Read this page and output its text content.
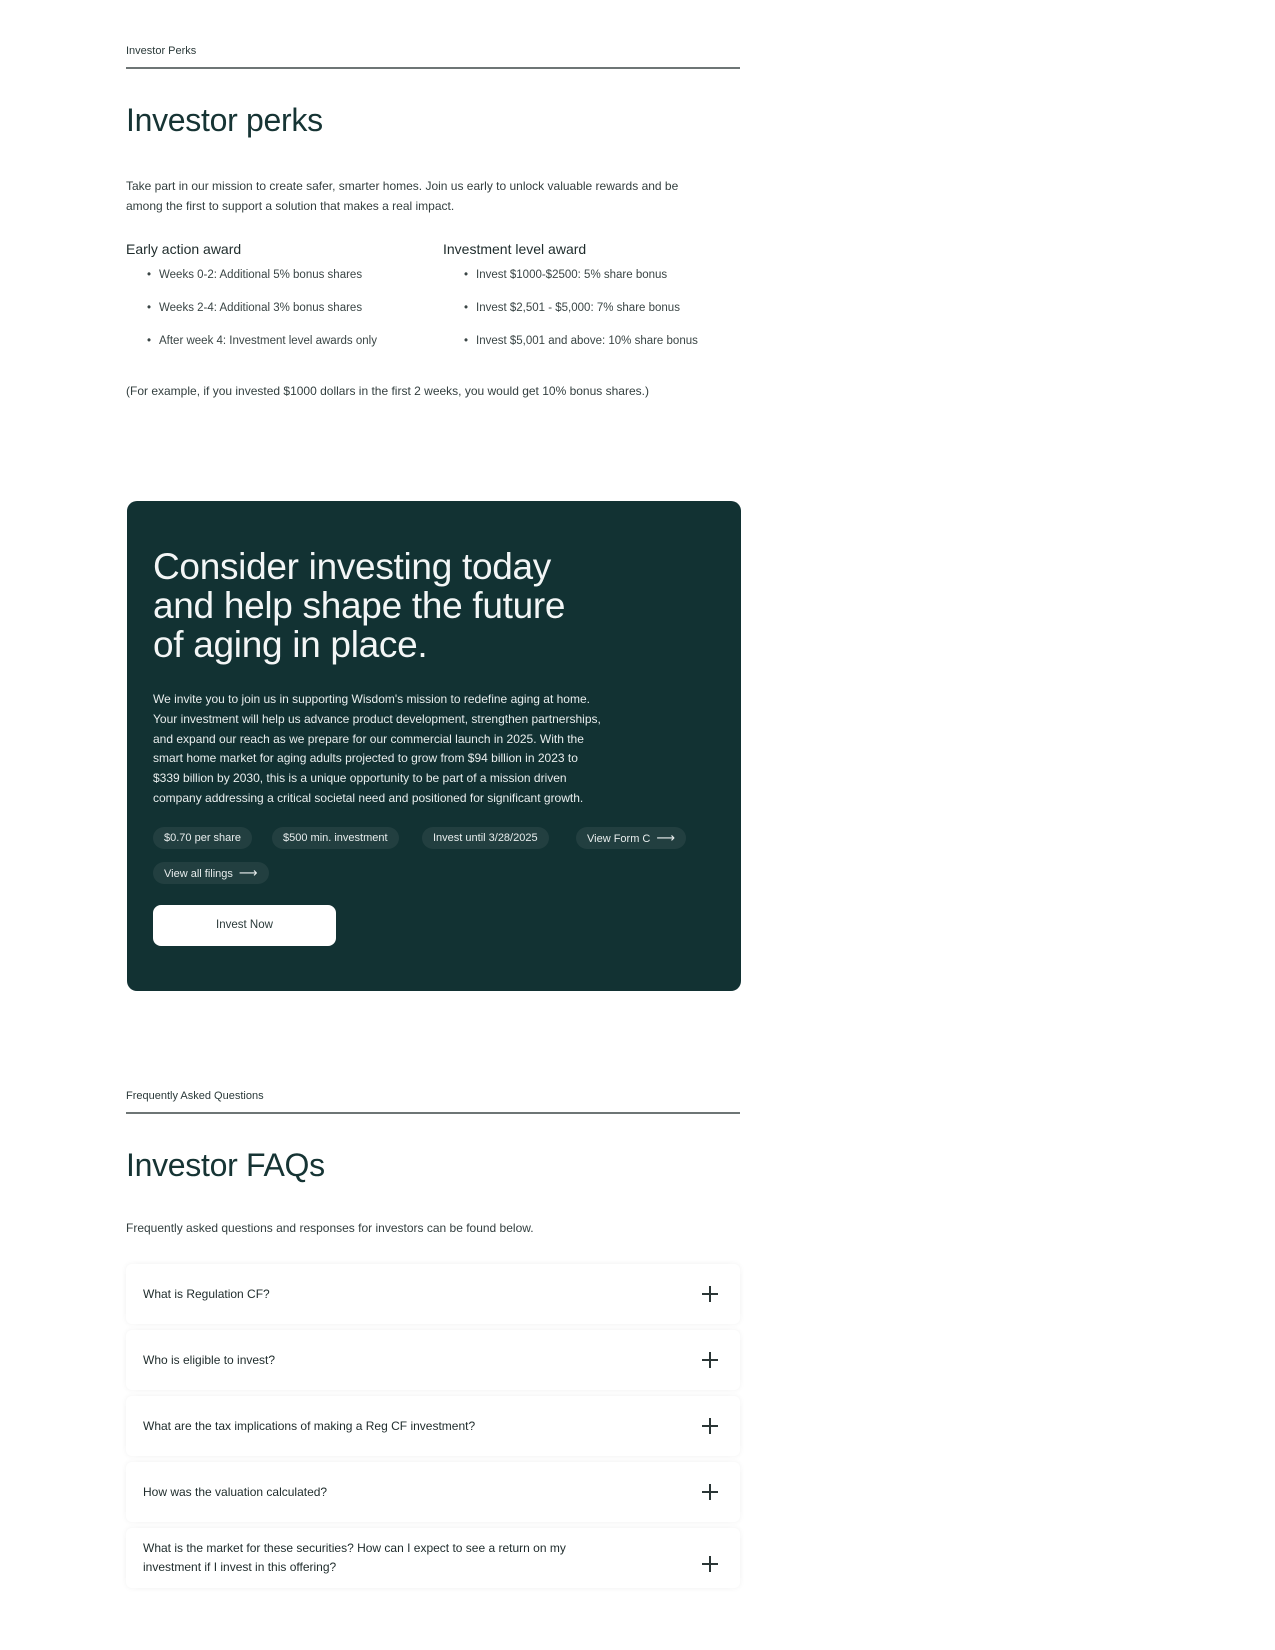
Investor Perks
Investor perks
Take part in our mission to create safer, smarter homes. Join us early to unlock valuable rewards and be
among the first to support a solution that makes a real impact.
Early action award
• Weeks 0-2: Additional 5% bonus shares
• Weeks 2-4: Additional 3% bonus shares
• After week 4: Investment level awards only
Investment level award
• Invest $1000-$2500: 5% share bonus
• Invest $2,501 - $5,000: 7% share bonus
• Invest $5,001 and above: 10% share bonus
(For example, if you invested $1000 dollars in the first 2 weeks, you would get 10% bonus shares.)
Consider investing today
and help shape the future
of aging in place.
We invite you to join us in supporting Wisdom's mission to redefine aging at home.
Your investment will help us advance product development, strengthen partnerships,
and expand our reach as we prepare for our commercial launch in 2025. With the
smart home market for aging adults projected to grow from $94 billion in 2023 to
$339 billion by 2030, this is a unique opportunity to be part of a mission driven
company addressing a critical societal need and positioned for significant growth.
$0.70 per share	$500 min. investment	Invest until 3/28/2025	View Form C ⟶
View all filings ⟶
Invest Now
Frequently Asked Questions
Investor FAQs
Frequently asked questions and responses for investors can be found below.
What is Regulation CF?
Who is eligible to invest?
What are the tax implications of making a Reg CF investment?
How was the valuation calculated?
What is the market for these securities? How can I expect to see a return on my
investment if I invest in this offering?
